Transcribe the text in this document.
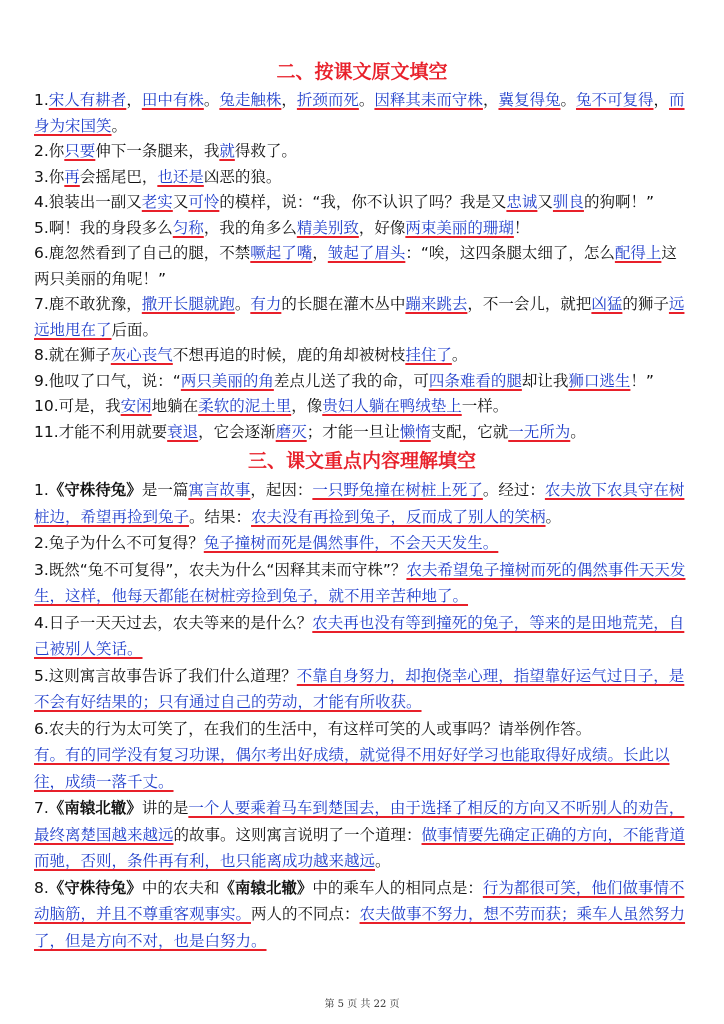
二、按课文原文填空

1.宋人有耕者，田中有株。兔走触株，折颈而死。因释其耒而守株，冀复得兔。兔不可复得，而身为宋国笑。

2.你只要伸下一条腿来，我就得救了。

3.你再会摇尾巴，也还是凶恶的狼。

4.狼装出一副又老实又可怜的模样，说：“我，你不认识了吗？我是又忠诚又驯良的狗啊！”

5.啊！我的身段多么匀称，我的角多么精美别致，好像两束美丽的珊瑚！

6.鹿忽然看到了自己的腿，不禁噘起了嘴，皱起了眉头：“唉，这四条腿太细了，怎么配得上这两只美丽的角呢！”

7.鹿不敢犹豫，撒开长腿就跑。有力的长腿在灌木丛中蹦来跳去，不一会儿，就把凶猛的狮子远远地甩在了后面。

8.就在狮子灰心丧气不想再追的时候，鹿的角却被树枝挂住了。

9.他叹了口气，说：“两只美丽的角差点儿送了我的命，可四条难看的腿却让我狮口逃生！”

10.可是，我安闲地躺在柔软的泥土里，像贵妇人躺在鸭绒垫上一样。

11.才能不利用就要衰退，它会逐渐磨灭；才能一旦让懒惰支配，它就一无所为。

三、课文重点内容理解填空

1.《守株待兔》是一篇寓言故事，起因：一只野兔撞在树桩上死了。经过：农夫放下农具守在树桩边，希望再捡到兔子。结果：农夫没有再捡到兔子，反而成了别人的笑柄。

2.兔子为什么不可复得？兔子撞树而死是偶然事件，不会天天发生。

3.既然“兔不可复得”，农夫为什么“因释其耒而守株”？农夫希望兔子撞树而死的偶然事件天天发生，这样，他每天都能在树桩旁捡到兔子，就不用辛苦种地了。

4.日子一天天过去，农夫等来的是什么？农夫再也没有等到撞死的兔子，等来的是田地荒芜，自己被别人笑话。

5.这则寓言故事告诉了我们什么道理？不靠自身努力，却抱侥幸心理，指望靠好运气过日子，是不会有好结果的；只有通过自己的劳动，才能有所收获。

6.农夫的行为太可笑了，在我们的生活中，有这样可笑的人或事吗？请举例作答。

有。有的同学没有复习功课，偶尔考出好成绩，就觉得不用好好学习也能取得好成绩。长此以往，成绩一落千丈。

7.《南辕北辙》讲的是一个人要乘着马车到楚国去，由于选择了相反的方向又不听别人的劝告，最终离楚国越来越远的故事。这则寓言说明了一个道理：做事情要先确定正确的方向，不能背道而驰，否则，条件再有利，也只能离成功越来越远。

8.《守株待兔》中的农夫和《南辕北辙》中的乘车人的相同点是：行为都很可笑，他们做事情不动脑筋，并且不尊重客观事实。两人的不同点：农夫做事不努力，想不劳而获；乘车人虽然努力了，但是方向不对，也是白努力。

第 5 页 共 22 页
